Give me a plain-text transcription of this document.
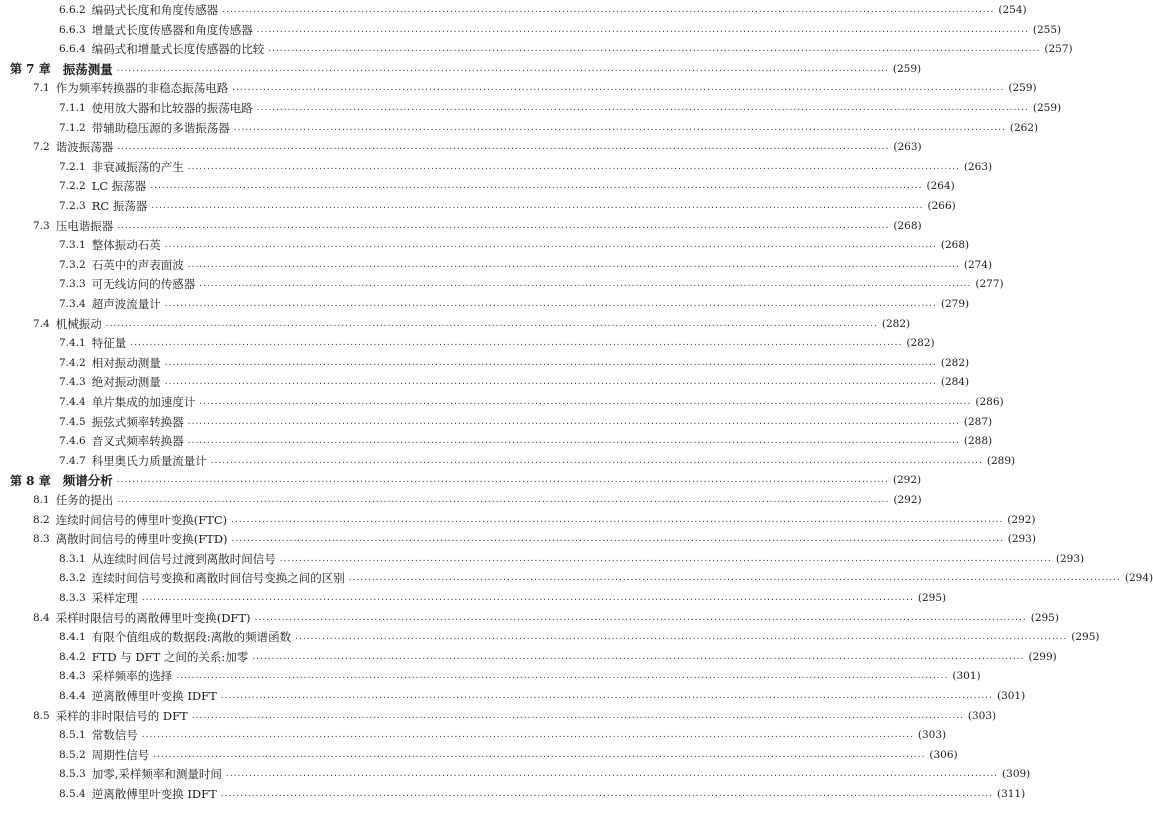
6.6.2 编码式长度和角度传感器 ........................................................................................................................................................................................................ (254)
6.6.3 增量式长度传感器和角度传感器 ........................................................................................................................................................................................................ (255)
6.6.4 编码式和增量式长度传感器的比较 ........................................................................................................................................................................................................ (257)
第 7 章 振荡测量 ........................................................................................................................................................................................................ (259)
7.1 作为频率转换器的非稳态振荡电路 ........................................................................................................................................................................................................ (259)
7.1.1 使用放大器和比较器的振荡电路 ........................................................................................................................................................................................................ (259)
7.1.2 带辅助稳压源的多谐振荡器 ........................................................................................................................................................................................................ (262)
7.2 谐波振荡器 ........................................................................................................................................................................................................ (263)
7.2.1 非衰减振荡的产生 ........................................................................................................................................................................................................ (263)
7.2.2 LC 振荡器 ........................................................................................................................................................................................................ (264)
7.2.3 RC 振荡器 ........................................................................................................................................................................................................ (266)
7.3 压电谐振器 ........................................................................................................................................................................................................ (268)
7.3.1 整体振动石英 ........................................................................................................................................................................................................ (268)
7.3.2 石英中的声表面波 ........................................................................................................................................................................................................ (274)
7.3.3 可无线访问的传感器 ........................................................................................................................................................................................................ (277)
7.3.4 超声波流量计 ........................................................................................................................................................................................................ (279)
7.4 机械振动 ........................................................................................................................................................................................................ (282)
7.4.1 特征量 ........................................................................................................................................................................................................ (282)
7.4.2 相对振动测量 ........................................................................................................................................................................................................ (282)
7.4.3 绝对振动测量 ........................................................................................................................................................................................................ (284)
7.4.4 单片集成的加速度计 ........................................................................................................................................................................................................ (286)
7.4.5 振弦式频率转换器 ........................................................................................................................................................................................................ (287)
7.4.6 音叉式频率转换器 ........................................................................................................................................................................................................ (288)
7.4.7 科里奥氏力质量流量计 ........................................................................................................................................................................................................ (289)
第 8 章 频谱分析 ........................................................................................................................................................................................................ (292)
8.1 任务的提出 ........................................................................................................................................................................................................ (292)
8.2 连续时间信号的傅里叶变换(FTC) ........................................................................................................................................................................................................ (292)
8.3 离散时间信号的傅里叶变换(FTD) ........................................................................................................................................................................................................ (293)
8.3.1 从连续时间信号过渡到离散时间信号 ........................................................................................................................................................................................................ (293)
8.3.2 连续时间信号变换和离散时间信号变换之间的区别 ........................................................................................................................................................................................................ (294)
8.3.3 采样定理 ........................................................................................................................................................................................................ (295)
8.4 采样时限信号的离散傅里叶变换(DFT) ........................................................................................................................................................................................................ (295)
8.4.1 有限个值组成的数据段:离散的频谱函数 ........................................................................................................................................................................................................ (295)
8.4.2 FTD 与 DFT 之间的关系:加零 ........................................................................................................................................................................................................ (299)
8.4.3 采样频率的选择 ........................................................................................................................................................................................................ (301)
8.4.4 逆离散傅里叶变换 IDFT ........................................................................................................................................................................................................ (301)
8.5 采样的非时限信号的 DFT ........................................................................................................................................................................................................ (303)
8.5.1 常数信号 ........................................................................................................................................................................................................ (303)
8.5.2 周期性信号 ........................................................................................................................................................................................................ (306)
8.5.3 加零,采样频率和测量时间 ........................................................................................................................................................................................................ (309)
8.5.4 逆离散傅里叶变换 IDFT ........................................................................................................................................................................................................ (311)
